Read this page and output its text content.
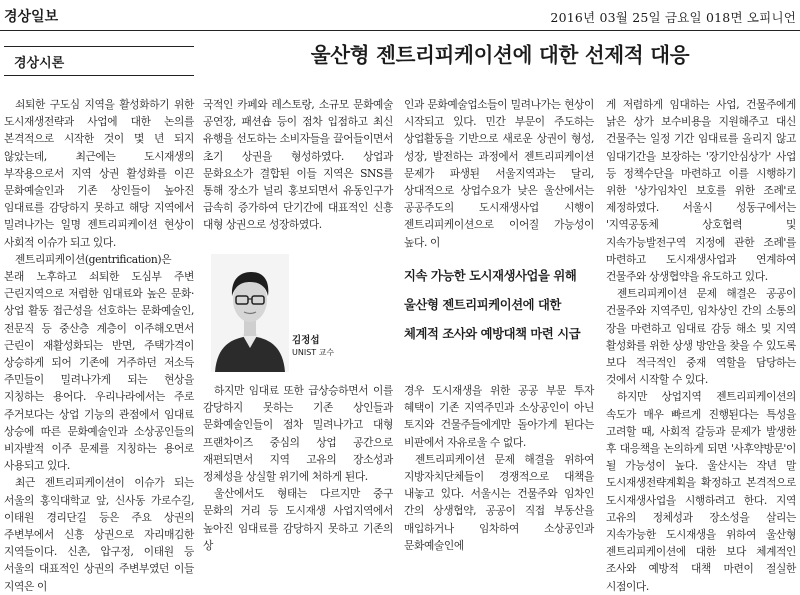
경상일보	2016년 03월 25일 금요일 018면 오피니언
경상시론	울산형 젠트리피케이션에 대한 선제적 대응

쇠퇴한 구도심 지역을 활성화하기 위한 도시재생전략과 사업에 대한 논의를 본격적으로 시작한 것이 몇 년 되지 않았는데, 최근에는 도시재생의 부작용으로서 지역 상권 활성화를 이끈 문화예술인과 기존 상인들이 높아진 임대료를 감당하지 못하고 해당 지역에서 밀려나가는 일명 젠트리피케이션 현상이 사회적 이슈가 되고 있다.

젠트리피케이션(gentrification)은 본래 노후하고 쇠퇴한 도심부 주변 근린지역으로 저렴한 임대료와 높은 문화·상업 활동 접근성을 선호하는 문화예술인, 전문직 등 중산층 계층이 이주해오면서 근린이 재활성화되는 반면, 주택가격이 상승하게 되어 기존에 거주하던 저소득 주민들이 밀려나가게 되는 현상을 지칭하는 용어다. 우리나라에서는 주로 주거보다는 상업 기능의 관점에서 임대료 상승에 따른 문화예술인과 소상공인들의 비자발적 이주 문제를 지칭하는 용어로 사용되고 있다.

최근 젠트리피케이션이 이슈가 되는 서울의 홍익대학교 앞, 신사동 가로수길, 이태원 경리단길 등은 주요 상권의 주변부에서 신흥 상권으로 자리매김한 지역들이다. 신촌, 압구정, 이태원 등 서울의 대표적인 상권의 주변부였던 이들 지역은 이

국적인 카페와 레스토랑, 소규모 문화예술 공연장, 패션숍 등이 점차 입점하고 최신 유행을 선도하는 소비자들을 끌어들이면서 초기 상권을 형성하였다. 상업과 문화요소가 결합된 이들 지역은 SNS를 통해 장소가 널리 홍보되면서 유동인구가 급속히 증가하여 단기간에 대표적인 신흥 대형 상권으로 성장하였다.

인과 문화예술업소들이 밀려나가는 현상이 시작되고 있다. 민간 부문이 주도하는 상업활동을 기반으로 새로운 상권이 형성, 성장, 발전하는 과정에서 젠트리피케이션 문제가 파생된 서울지역과는 달리, 상대적으로 상업수요가 낮은 울산에서는 공공주도의 도시재생사업 시행이 젠트리피케이션으로 이어질 가능성이 높다. 이

김정섭
UNIST 교수
지속 가능한 도시재생사업을 위해
울산형 젠트리피케이션에 대한
체계적 조사와 예방대책 마련 시급

하지만 임대료 또한 급상승하면서 이를 감당하지 못하는 기존 상인들과 문화예술인들이 점차 밀려나가고 대형 프랜차이즈 중심의 상업 공간으로 재편되면서 지역 고유의 장소성과 정체성을 상실할 위기에 처하게 된다.

울산에서도 형태는 다르지만 중구 문화의 거리 등 도시재생 사업지역에서 높아진 임대료를 감당하지 못하고 기존의 상

경우 도시재생을 위한 공공 부문 투자 혜택이 기존 지역주민과 소상공인이 아닌 토지와 건물주들에게만 돌아가게 된다는 비판에서 자유로울 수 없다.

젠트리피케이션 문제 해결을 위하여 지방자치단체들이 경쟁적으로 대책을 내놓고 있다. 서울시는 건물주와 임차인 간의 상생협약, 공공이 직접 부동산을 매입하거나 임차하여 소상공인과 문화예술인에

게 저렴하게 임대하는 사업, 건물주에게 낡은 상가 보수비용을 지원해주고 대신 건물주는 일정 기간 임대료를 올리지 않고 임대기간을 보장하는 '장기안심상가' 사업 등 정책수단을 마련하고 이를 시행하기 위한 '상가임차인 보호를 위한 조례'로 제정하였다. 서울시 성동구에서는 '지역공동체 상호협력 및 지속가능발전구역 지정에 관한 조례'를 마련하고 도시재생사업과 연계하여 건물주와 상생협약을 유도하고 있다.

젠트리피케이션 문제 해결은 공공이 건물주와 지역주민, 임차상인 간의 소통의 장을 마련하고 임대료 감등 해소 및 지역 활성화를 위한 상생 방안을 찾을 수 있도록 보다 적극적인 중재 역할을 담당하는 것에서 시작할 수 있다.

하지만 상업지역 젠트리피케이션의 속도가 매우 빠르게 진행된다는 특성을 고려할 때, 사회적 갈등과 문제가 발생한 후 대응책을 논의하게 되면 '사후약방문'이 될 가능성이 높다. 울산시는 작년 말 도시재생전략계획을 확정하고 본격적으로 도시재생사업을 시행하려고 한다. 지역 고유의 정체성과 장소성을 살리는 지속가능한 도시재생을 위하여 울산형 젠트리피케이션에 대한 보다 체계적인 조사와 예방적 대책 마련이 절실한 시점이다.
